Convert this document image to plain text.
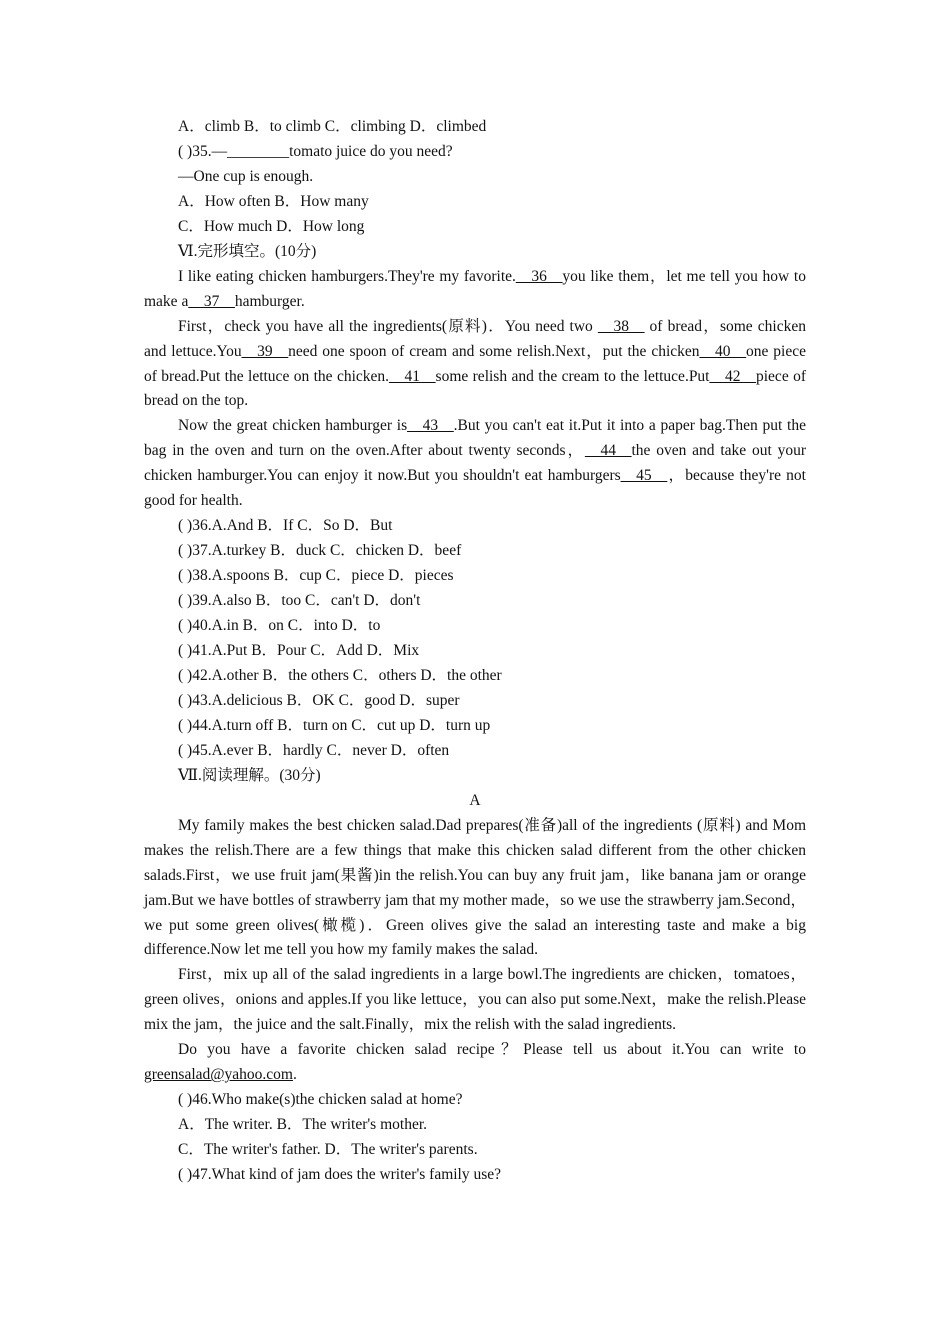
A．climb B．to climb C．climbing D．climbed
( )35.—________tomato juice do you need?
—One cup is enough.
A．How often B．How many
C．How much D．How long
Ⅵ.完形填空。(10分)
I like eating chicken hamburgers.They're my favorite.__36__you like them，let me tell you how to make a__37__hamburger.
First，check you have all the ingredients(原料)．You need two __38__ of bread，some chicken and lettuce.You__39__need one spoon of cream and some relish.Next，put the chicken__40__one piece of bread.Put the lettuce on the chicken.__41__some relish and the cream to the lettuce.Put__42__piece of bread on the top.
Now the great chicken hamburger is__43__.But you can't eat it.Put it into a paper bag.Then put the bag in the oven and turn on the oven.After about twenty seconds，__44__the oven and take out your chicken hamburger.You can enjoy it now.But you shouldn't eat hamburgers__45__，because they're not good for health.
( )36.A.And B．If C．So D．But
( )37.A.turkey B．duck C．chicken D．beef
( )38.A.spoons B．cup C．piece D．pieces
( )39.A.also B．too C．can't D．don't
( )40.A.in B．on C．into D．to
( )41.A.Put B．Pour C．Add D．Mix
( )42.A.other B．the others C．others D．the other
( )43.A.delicious B．OK C．good D．super
( )44.A.turn off B．turn on C．cut up D．turn up
( )45.A.ever B．hardly C．never D．often
Ⅶ.阅读理解。(30分)
A
My family makes the best chicken salad.Dad prepares(准备)all of the ingredients (原料) and Mom makes the relish.There are a few things that make this chicken salad different from the other chicken salads.First，we use fruit jam(果酱)in the relish.You can buy any fruit jam，like banana jam or orange jam.But we have bottles of strawberry jam that my mother made，so we use the strawberry jam.Second，we put some green olives(橄榄)．Green olives give the salad an interesting taste and make a big difference.Now let me tell you how my family makes the salad.
First，mix up all of the salad ingredients in a large bowl.The ingredients are chicken，tomatoes，green olives，onions and apples.If you like lettuce，you can also put some.Next，make the relish.Please mix the jam，the juice and the salt.Finally，mix the relish with the salad ingredients.
Do you have a favorite chicken salad recipe？Please tell us about it.You can write to greensalad@yahoo.com.
( )46.Who make(s)the chicken salad at home?
A．The writer. B．The writer's mother.
C．The writer's father. D．The writer's parents.
( )47.What kind of jam does the writer's family use?
